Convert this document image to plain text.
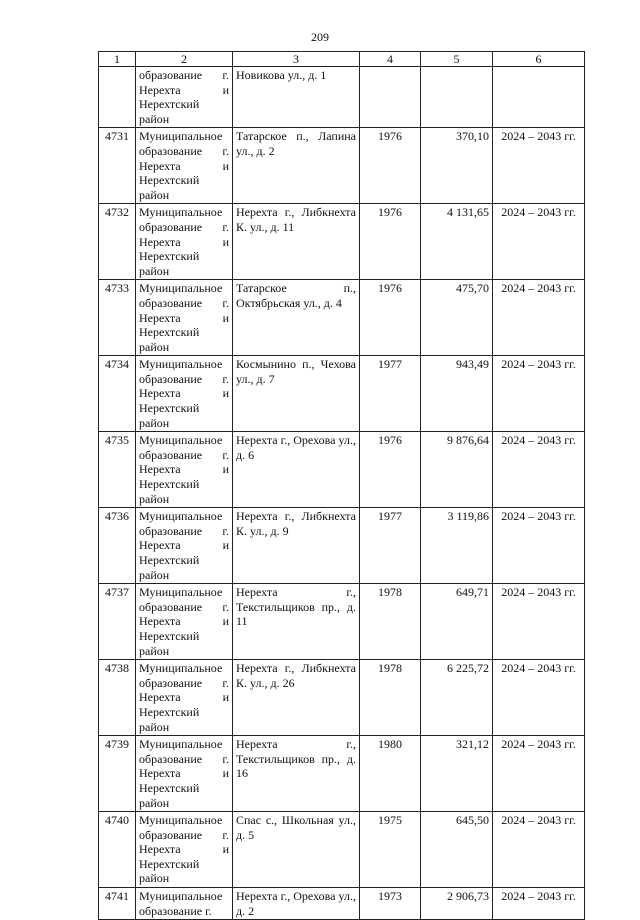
209
1	2	3	4	5	6
	образование г. Нерехта и Нерехтский район	Новикова ул., д. 1			
4731	Муниципальное образование г. Нерехта и Нерехтский район	Татарское п., Лапина ул., д. 2	1976	370,10	2024 – 2043 гг.
4732	Муниципальное образование г. Нерехта и Нерехтский район	Нерехта г., Либкнехта К. ул., д. 11	1976	4 131,65	2024 – 2043 гг.
4733	Муниципальное образование г. Нерехта и Нерехтский район	Татарское п., Октябрьская ул., д. 4	1976	475,70	2024 – 2043 гг.
4734	Муниципальное образование г. Нерехта и Нерехтский район	Космынино п., Чехова ул., д. 7	1977	943,49	2024 – 2043 гг.
4735	Муниципальное образование г. Нерехта и Нерехтский район	Нерехта г., Орехова ул., д. 6	1976	9 876,64	2024 – 2043 гг.
4736	Муниципальное образование г. Нерехта и Нерехтский район	Нерехта г., Либкнехта К. ул., д. 9	1977	3 119,86	2024 – 2043 гг.
4737	Муниципальное образование г. Нерехта и Нерехтский район	Нерехта г., Текстильщиков пр., д. 11	1978	649,71	2024 – 2043 гг.
4738	Муниципальное образование г. Нерехта и Нерехтский район	Нерехта г., Либкнехта К. ул., д. 26	1978	6 225,72	2024 – 2043 гг.
4739	Муниципальное образование г. Нерехта и Нерехтский район	Нерехта г., Текстильщиков пр., д. 16	1980	321,12	2024 – 2043 гг.
4740	Муниципальное образование г. Нерехта и Нерехтский район	Спас с., Школьная ул., д. 5	1975	645,50	2024 – 2043 гг.
4741	Муниципальное образование г.	Нерехта г., Орехова ул., д. 2	1973	2 906,73	2024 – 2043 гг.
